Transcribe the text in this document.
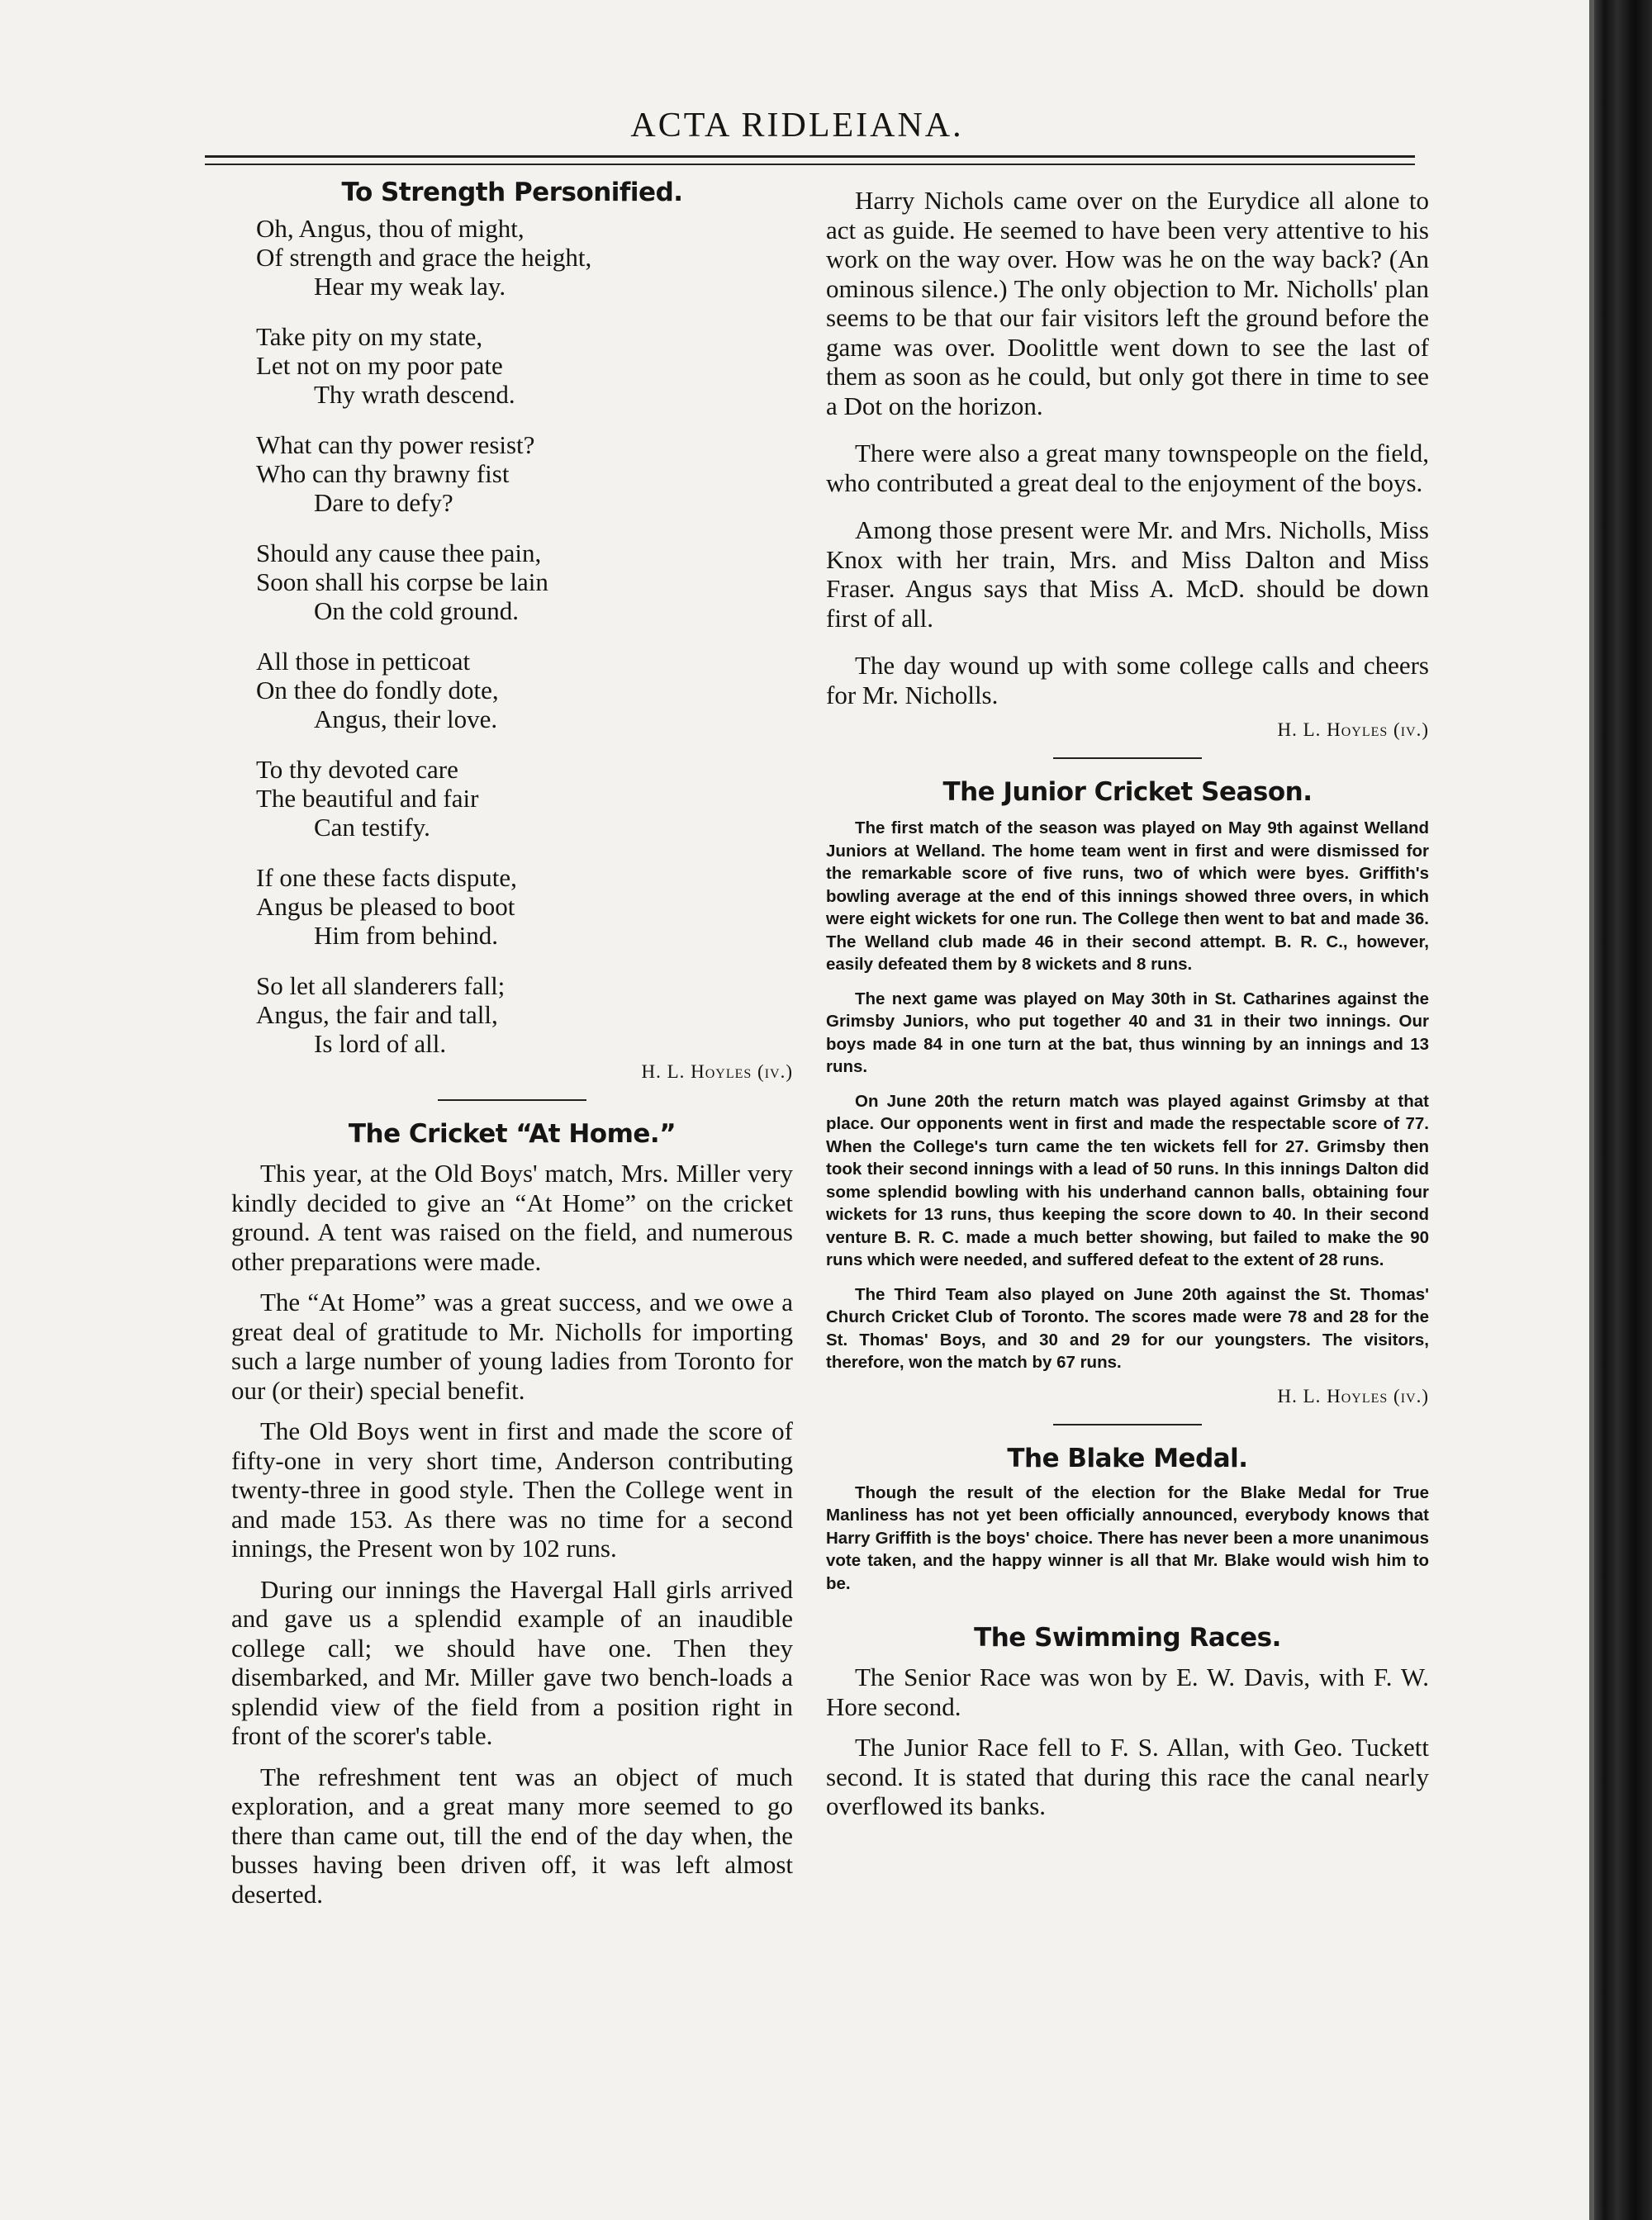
ACTA RIDLEIANA.
To Strength Personified.
Oh, Angus, thou of might,
Of strength and grace the height,
Hear my weak lay.
Take pity on my state,
Let not on my poor pate
Thy wrath descend.
What can thy power resist?
Who can thy brawny fist
Dare to defy?
Should any cause thee pain,
Soon shall his corpse be lain
On the cold ground.
All those in petticoat
On thee do fondly dote,
Angus, their love.
To thy devoted care
The beautiful and fair
Can testify.
If one these facts dispute,
Angus be pleased to boot
Him from behind.
So let all slanderers fall;
Angus, the fair and tall,
Is lord of all.
H. L. Hoyles (iv.)
The Cricket “At Home.”

This year, at the Old Boys' match, Mrs. Miller very kindly decided to give an “At Home” on the cricket ground. A tent was raised on the field, and numerous other preparations were made.

The “At Home” was a great success, and we owe a great deal of gratitude to Mr. Nicholls for importing such a large number of young ladies from Toronto for our (or their) special benefit.

The Old Boys went in first and made the score of fifty-one in very short time, Anderson contributing twenty-three in good style. Then the College went in and made 153. As there was no time for a second innings, the Present won by 102 runs.

During our innings the Havergal Hall girls arrived and gave us a splendid example of an inaudible college call; we should have one. Then they disembarked, and Mr. Miller gave two bench-loads a splendid view of the field from a position right in front of the scorer's table.

The refreshment tent was an object of much exploration, and a great many more seemed to go there than came out, till the end of the day when, the busses having been driven off, it was left almost deserted.

Harry Nichols came over on the Eurydice all alone to act as guide. He seemed to have been very attentive to his work on the way over. How was he on the way back? (An ominous silence.) The only objection to Mr. Nicholls' plan seems to be that our fair visitors left the ground before the game was over. Doolittle went down to see the last of them as soon as he could, but only got there in time to see a Dot on the horizon.

There were also a great many townspeople on the field, who contributed a great deal to the enjoyment of the boys.

Among those present were Mr. and Mrs. Nicholls, Miss Knox with her train, Mrs. and Miss Dalton and Miss Fraser. Angus says that Miss A. McD. should be down first of all.

The day wound up with some college calls and cheers for Mr. Nicholls.

H. L. Hoyles (iv.)
The Junior Cricket Season.

The first match of the season was played on May 9th against Welland Juniors at Welland. The home team went in first and were dismissed for the remarkable score of five runs, two of which were byes. Griffith's bowling average at the end of this innings showed three overs, in which were eight wickets for one run. The College then went to bat and made 36. The Welland club made 46 in their second attempt. B. R. C., however, easily defeated them by 8 wickets and 8 runs.

The next game was played on May 30th in St. Catharines against the Grimsby Juniors, who put together 40 and 31 in their two innings. Our boys made 84 in one turn at the bat, thus winning by an innings and 13 runs.

On June 20th the return match was played against Grimsby at that place. Our opponents went in first and made the respectable score of 77. When the College's turn came the ten wickets fell for 27. Grimsby then took their second innings with a lead of 50 runs. In this innings Dalton did some splendid bowling with his underhand cannon balls, obtaining four wickets for 13 runs, thus keeping the score down to 40. In their second venture B. R. C. made a much better showing, but failed to make the 90 runs which were needed, and suffered defeat to the extent of 28 runs.

The Third Team also played on June 20th against the St. Thomas' Church Cricket Club of Toronto. The scores made were 78 and 28 for the St. Thomas' Boys, and 30 and 29 for our youngsters. The visitors, therefore, won the match by 67 runs.

H. L. Hoyles (iv.)
The Blake Medal.

Though the result of the election for the Blake Medal for True Manliness has not yet been officially announced, everybody knows that Harry Griffith is the boys' choice. There has never been a more unanimous vote taken, and the happy winner is all that Mr. Blake would wish him to be.

The Swimming Races.

The Senior Race was won by E. W. Davis, with F. W. Hore second.

The Junior Race fell to F. S. Allan, with Geo. Tuckett second. It is stated that during this race the canal nearly overflowed its banks.
